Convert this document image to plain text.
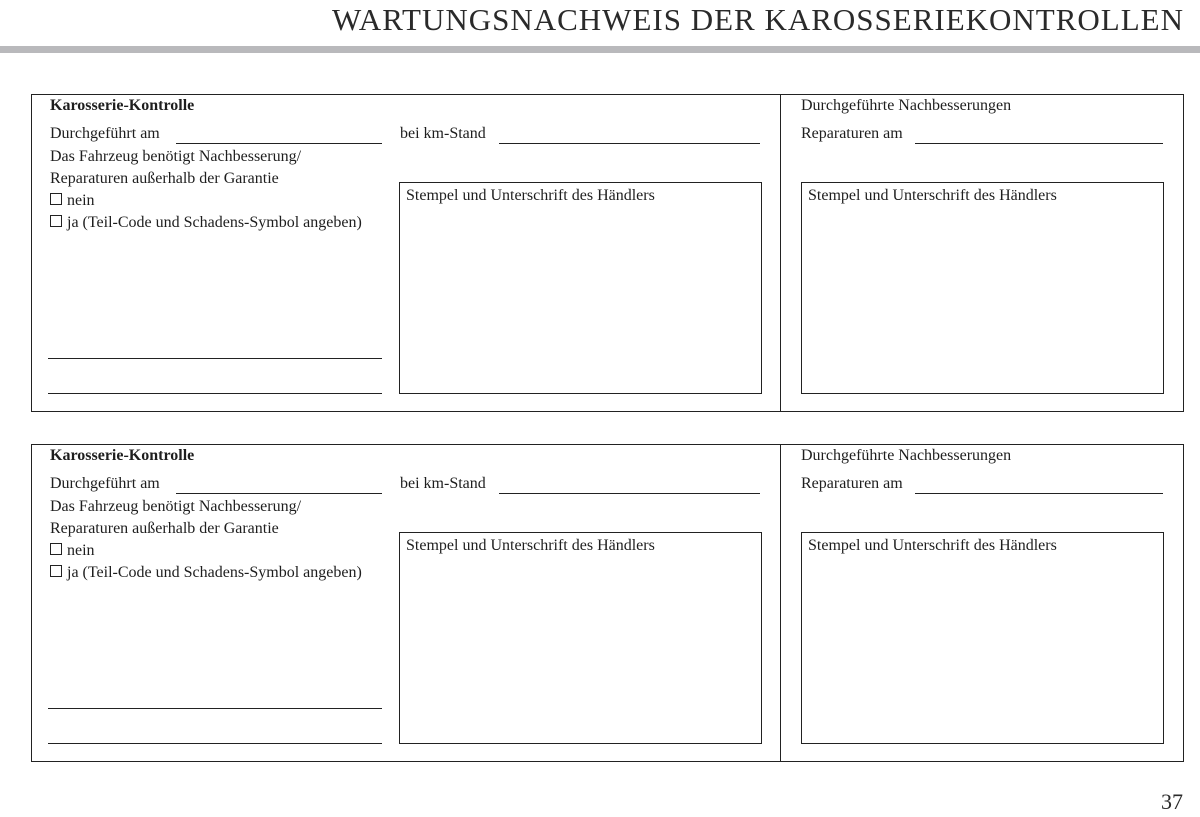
WARTUNGSNACHWEIS DER KAROSSERIEKONTROLLEN
Karosserie-Kontrolle
Durchgeführt am	bei km-Stand
Das Fahrzeug benötigt Nachbesserung/
Reparaturen außerhalb der Garantie
nein
ja (Teil-Code und Schadens-Symbol angeben)
Stempel und Unterschrift des Händlers
Durchgeführte Nachbesserungen
Reparaturen am
Stempel und Unterschrift des Händlers
Karosserie-Kontrolle
Durchgeführt am	bei km-Stand
Das Fahrzeug benötigt Nachbesserung/
Reparaturen außerhalb der Garantie
nein
ja (Teil-Code und Schadens-Symbol angeben)
Stempel und Unterschrift des Händlers
Durchgeführte Nachbesserungen
Reparaturen am
Stempel und Unterschrift des Händlers
37
